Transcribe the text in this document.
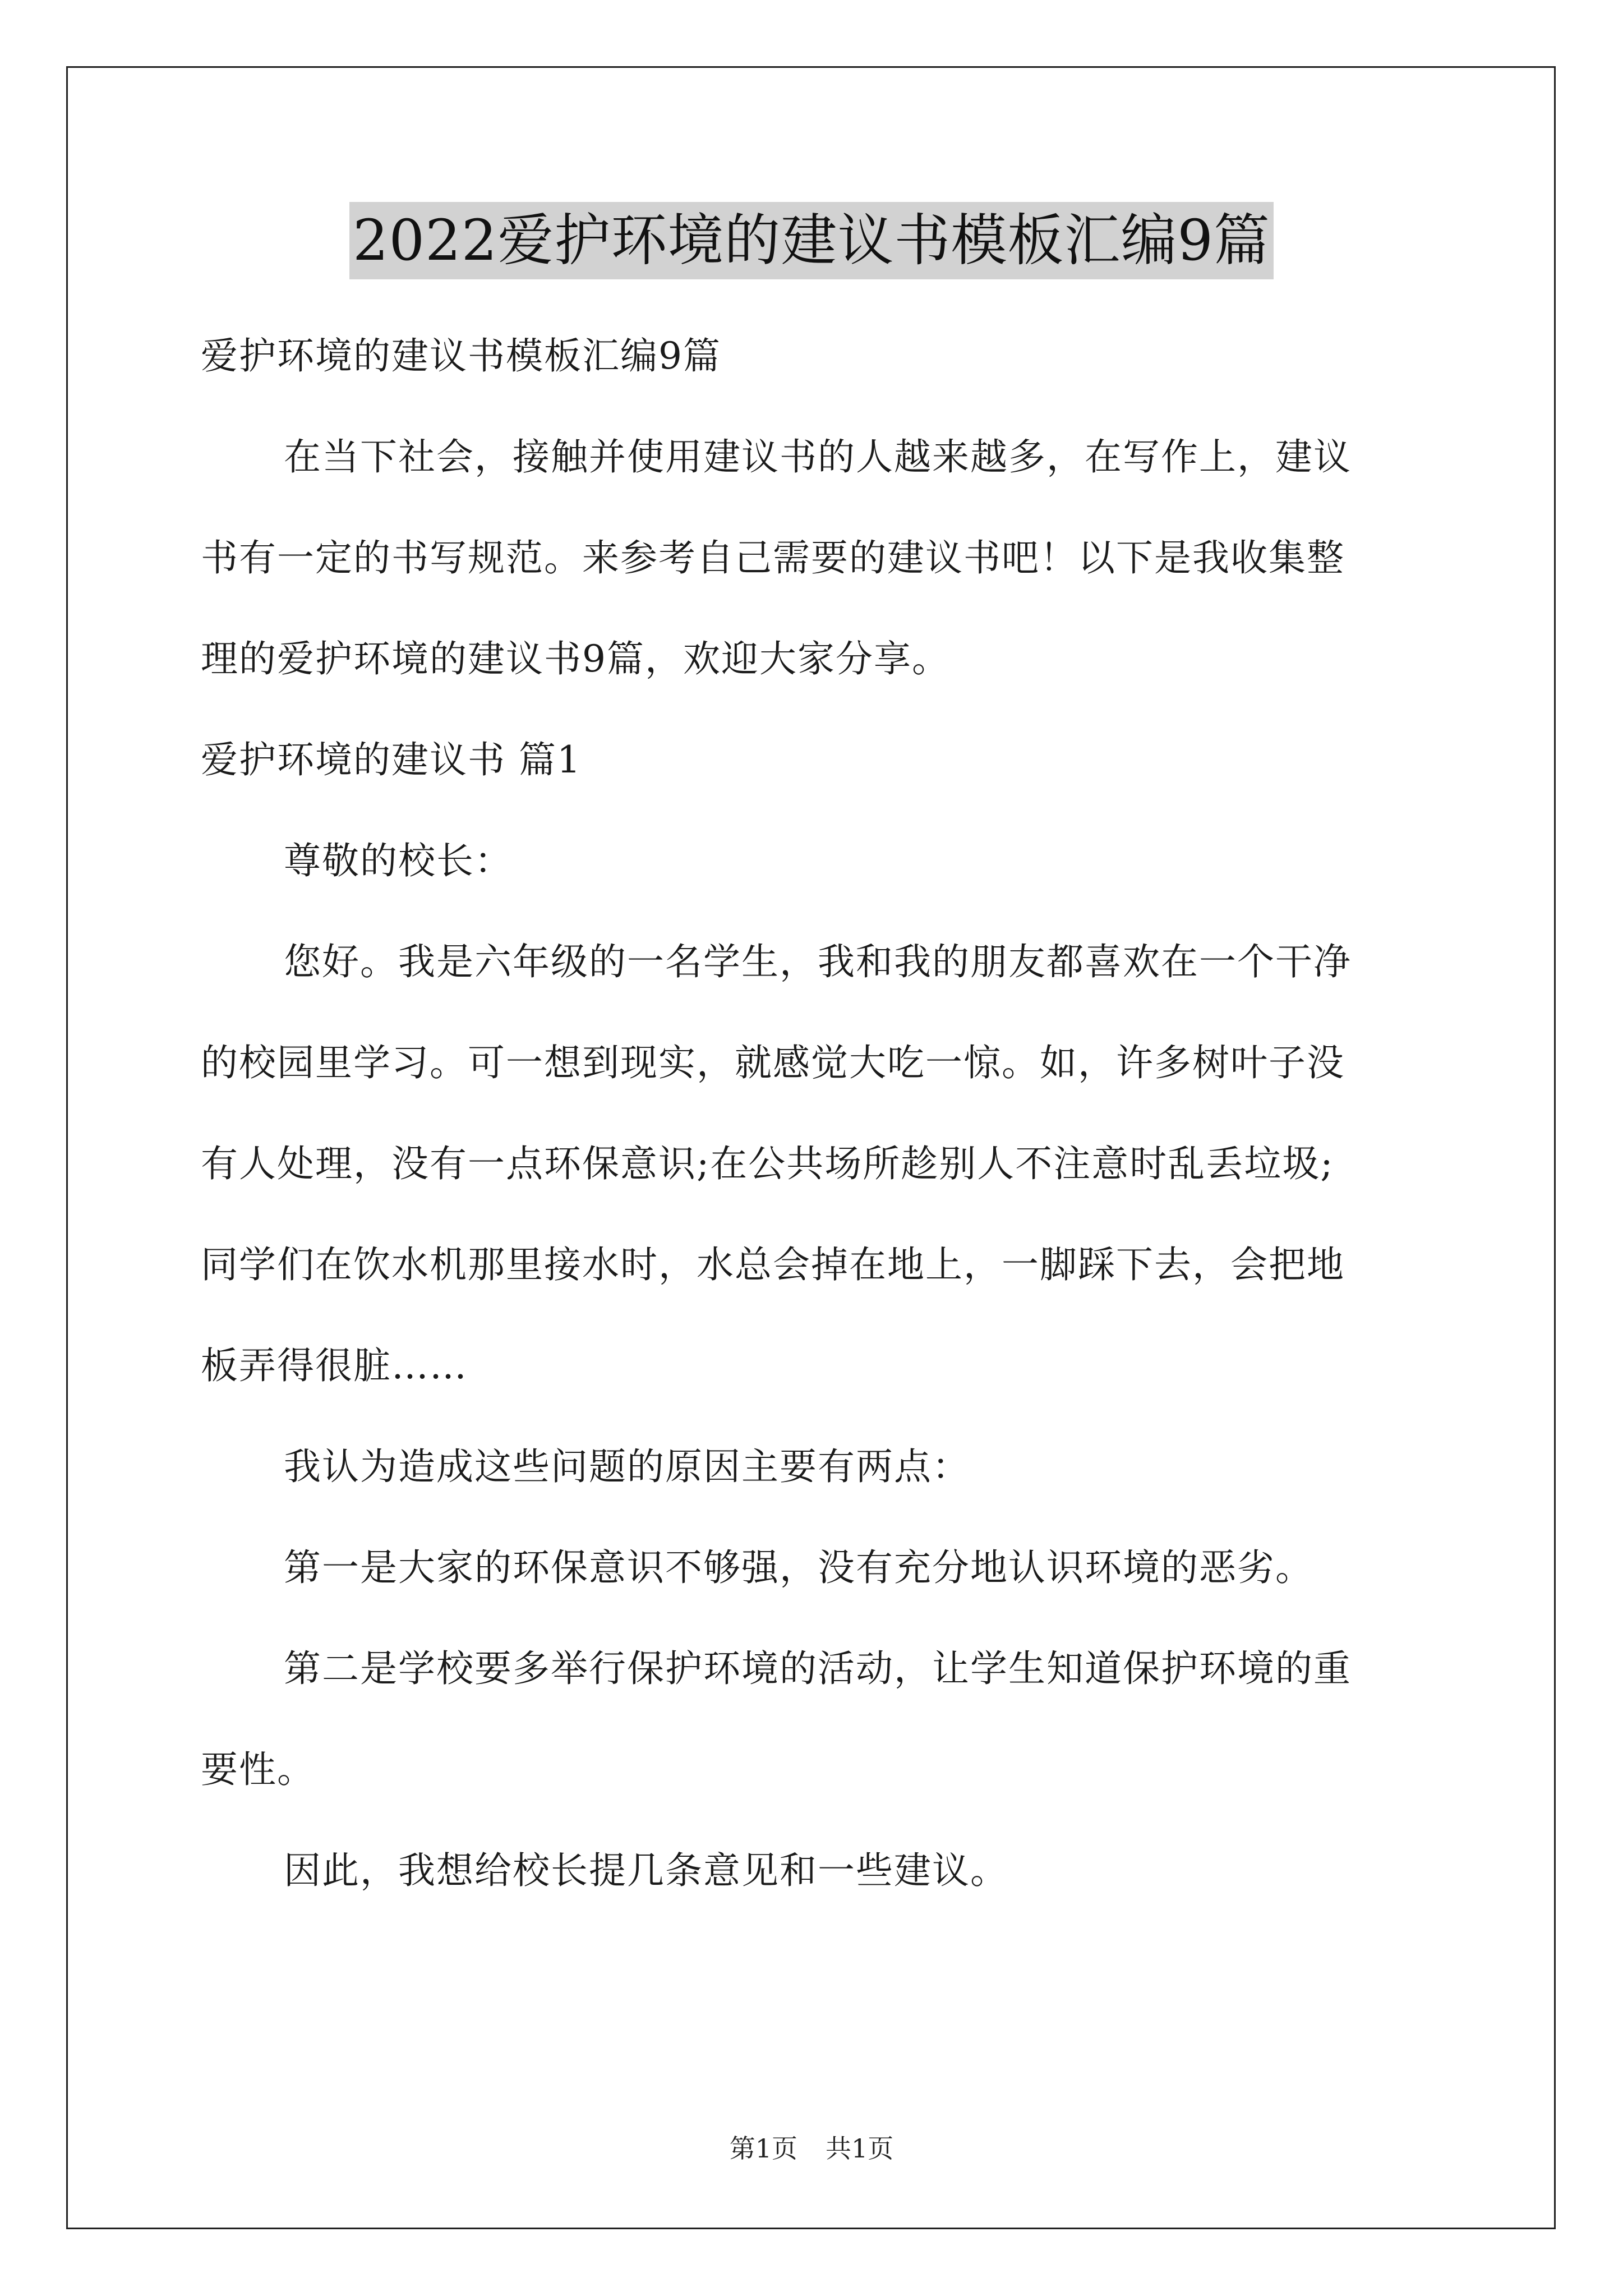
2022爱护环境的建议书模板汇编9篇
爱护环境的建议书模板汇编9篇
在当下社会，接触并使用建议书的人越来越多，在写作上，建议
书有一定的书写规范。来参考自己需要的建议书吧！以下是我收集整
理的爱护环境的建议书9篇，欢迎大家分享。
爱护环境的建议书 篇1
尊敬的校长：
您好。我是六年级的一名学生，我和我的朋友都喜欢在一个干净
的校园里学习。可一想到现实，就感觉大吃一惊。如，许多树叶子没
有人处理，没有一点环保意识;在公共场所趁别人不注意时乱丢垃圾;
同学们在饮水机那里接水时，水总会掉在地上，一脚踩下去，会把地
板弄得很脏……
我认为造成这些问题的原因主要有两点：
第一是大家的环保意识不够强，没有充分地认识环境的恶劣。
第二是学校要多举行保护环境的活动，让学生知道保护环境的重
要性。
因此，我想给校长提几条意见和一些建议。
第1页 共1页
